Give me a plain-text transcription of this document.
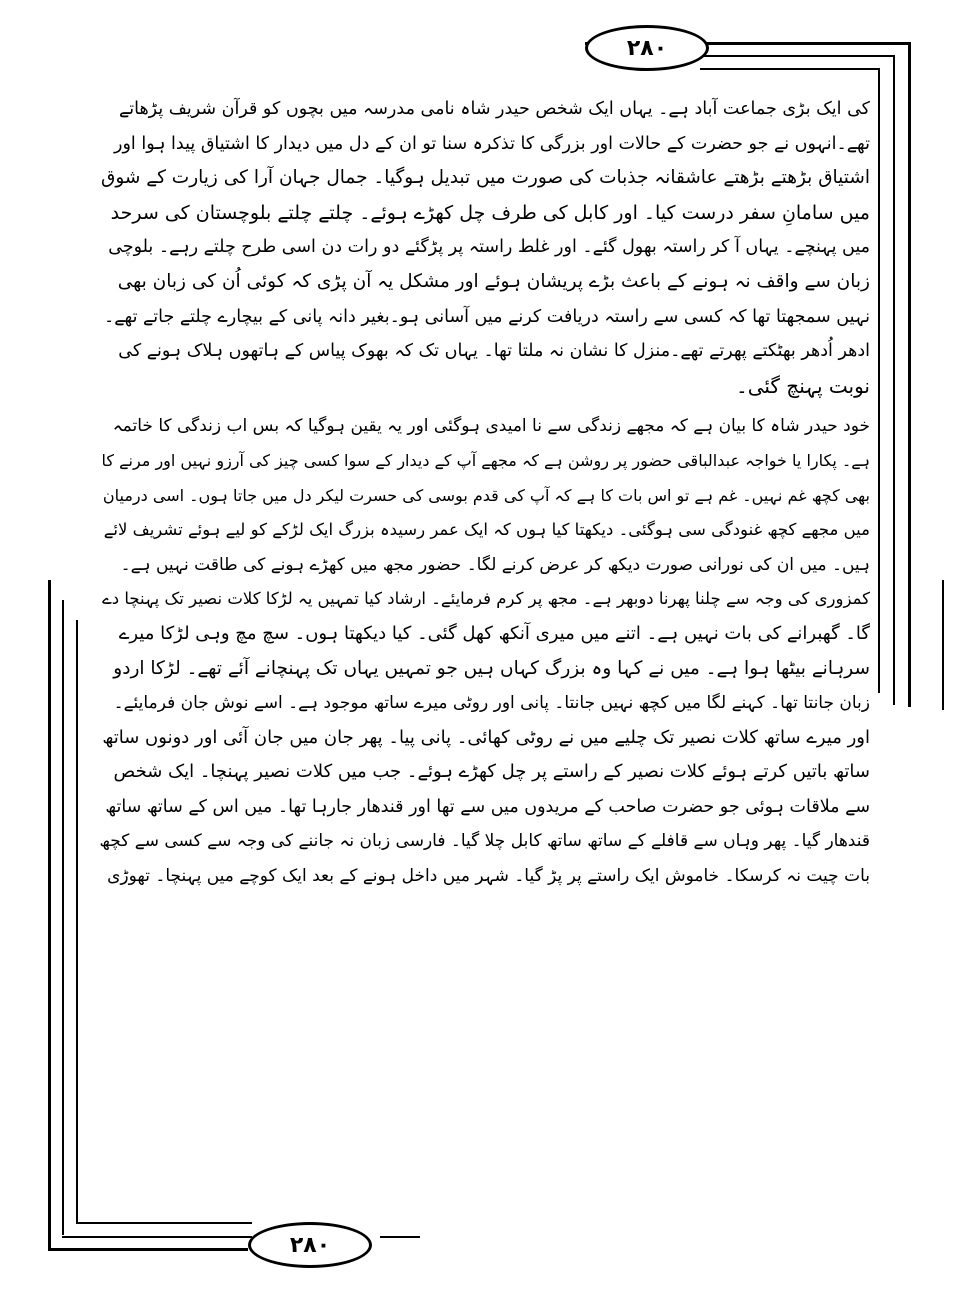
۲۸۰
۲۸۰
کی ایک بڑی جماعت آباد ہے۔ یہاں ایک شخص حیدر شاہ نامی مدرسہ میں بچوں کو قرآن شریف پڑھاتے
تھے۔انہوں نے جو حضرت کے حالات اور بزرگی کا تذکرہ سنا تو ان کے دل میں دیدار کا اشتیاق پیدا ہوا اور
اشتیاق بڑھتے بڑھتے عاشقانہ جذبات کی صورت میں تبدیل ہوگیا۔ جمال جہان آرا کی زیارت کے شوق
میں سامانِ سفر درست کیا۔ اور کابل کی طرف چل کھڑے ہوئے۔ چلتے چلتے بلوچستان کی سرحد
میں پہنچے۔ یہاں آ کر راستہ بھول گئے۔ اور غلط راستہ پر پڑگئے دو رات دن اسی طرح چلتے رہے۔ بلوچی
زبان سے واقف نہ ہونے کے باعث بڑے پریشان ہوئے اور مشکل یہ آن پڑی کہ کوئی اُن کی زبان بھی
نہیں سمجھتا تھا کہ کسی سے راستہ دریافت کرنے میں آسانی ہو۔بغیر دانہ پانی کے بیچارے چلتے جاتے تھے۔
ادھر اُدھر بھٹکتے پھرتے تھے۔منزل کا نشان نہ ملتا تھا۔ یہاں تک کہ بھوک پیاس کے ہاتھوں ہلاک ہونے کی
نوبت پہنچ گئی۔
خود حیدر شاہ کا بیان ہے کہ مجھے زندگی سے نا امیدی ہوگئی اور یہ یقین ہوگیا کہ بس اب زندگی کا خاتمہ
ہے۔ پکارا یا خواجہ عبدالباقی حضور پر روشن ہے کہ مجھے آپ کے دیدار کے سوا کسی چیز کی آرزو نہیں اور مرنے کا
بھی کچھ غم نہیں۔ غم ہے تو اس بات کا ہے کہ آپ کی قدم بوسی کی حسرت لیکر دل میں جاتا ہوں۔ اسی درمیان
میں مجھے کچھ غنودگی سی ہوگئی۔ دیکھتا کیا ہوں کہ ایک عمر رسیدہ بزرگ ایک لڑکے کو لیے ہوئے تشریف لائے
ہیں۔ میں ان کی نورانی صورت دیکھ کر عرض کرنے لگا۔ حضور مجھ میں کھڑے ہونے کی طاقت نہیں ہے۔
کمزوری کی وجہ سے چلنا پھرنا دوبھر ہے۔ مجھ پر کرم فرمایئے۔ ارشاد کیا تمہیں یہ لڑکا کلات نصیر تک پہنچا دے
گا۔ گھبرانے کی بات نہیں ہے۔ اتنے میں میری آنکھ کھل گئی۔ کیا دیکھتا ہوں۔ سچ مچ وہی لڑکا میرے
سرہانے بیٹھا ہوا ہے۔ میں نے کہا وہ بزرگ کہاں ہیں جو تمہیں یہاں تک پہنچانے آئے تھے۔ لڑکا اردو
زبان جانتا تھا۔ کہنے لگا میں کچھ نہیں جانتا۔ پانی اور روٹی میرے ساتھ موجود ہے۔ اسے نوش جان فرمایئے۔
اور میرے ساتھ کلات نصیر تک چلیے میں نے روٹی کھائی۔ پانی پیا۔ پھر جان میں جان آئی اور دونوں ساتھ
ساتھ باتیں کرتے ہوئے کلات نصیر کے راستے پر چل کھڑے ہوئے۔ جب میں کلات نصیر پہنچا۔ ایک شخص
سے ملاقات ہوئی جو حضرت صاحب کے مریدوں میں سے تھا اور قندھار جارہا تھا۔ میں اس کے ساتھ ساتھ
قندھار گیا۔ پھر وہاں سے قافلے کے ساتھ ساتھ کابل چلا گیا۔ فارسی زبان نہ جاننے کی وجہ سے کسی سے کچھ
بات چیت نہ کرسکا۔ خاموش ایک راستے پر پڑ گیا۔ شہر میں داخل ہونے کے بعد ایک کوچے میں پہنچا۔ تھوڑی
